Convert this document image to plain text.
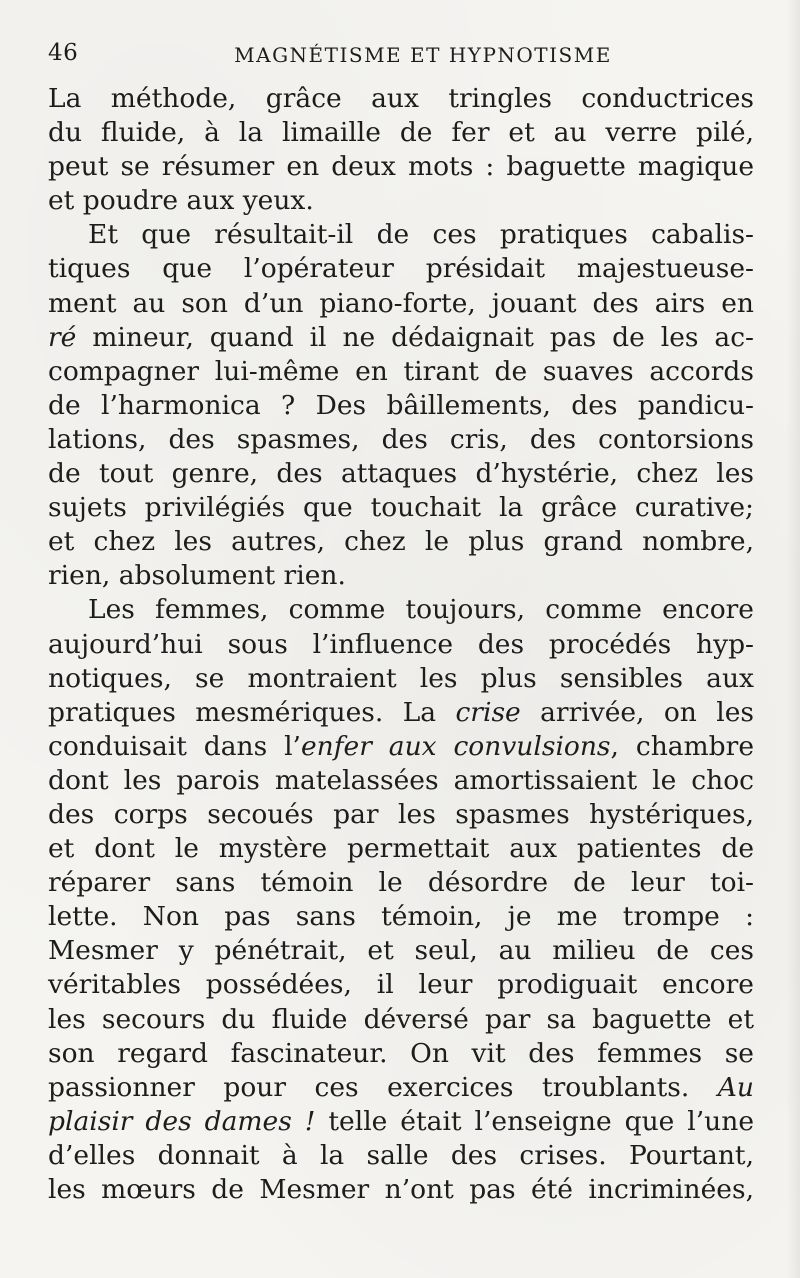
46	MAGNÉTISME ET HYPNOTISME
La méthode, grâce aux tringles conductrices
du fluide, à la limaille de fer et au verre pilé,
peut se résumer en deux mots : baguette magique
et poudre aux yeux.
Et que résultait-il de ces pratiques cabalis-
tiques que l’opérateur présidait majestueuse-
ment au son d’un piano-forte, jouant des airs en
ré mineur, quand il ne dédaignait pas de les ac-
compagner lui-même en tirant de suaves accords
de l’harmonica ? Des bâillements, des pandicu-
lations, des spasmes, des cris, des contorsions
de tout genre, des attaques d’hystérie, chez les
sujets privilégiés que touchait la grâce curative;
et chez les autres, chez le plus grand nombre,
rien, absolument rien.
Les femmes, comme toujours, comme encore
aujourd’hui sous l’influence des procédés hyp-
notiques, se montraient les plus sensibles aux
pratiques mesmériques. La crise arrivée, on les
conduisait dans l’enfer aux convulsions, chambre
dont les parois matelassées amortissaient le choc
des corps secoués par les spasmes hystériques,
et dont le mystère permettait aux patientes de
réparer sans témoin le désordre de leur toi-
lette. Non pas sans témoin, je me trompe :
Mesmer y pénétrait, et seul, au milieu de ces
véritables possédées, il leur prodiguait encore
les secours du fluide déversé par sa baguette et
son regard fascinateur. On vit des femmes se
passionner pour ces exercices troublants. Au
plaisir des dames ! telle était l’enseigne que l’une
d’elles donnait à la salle des crises. Pourtant,
les mœurs de Mesmer n’ont pas été incriminées,
